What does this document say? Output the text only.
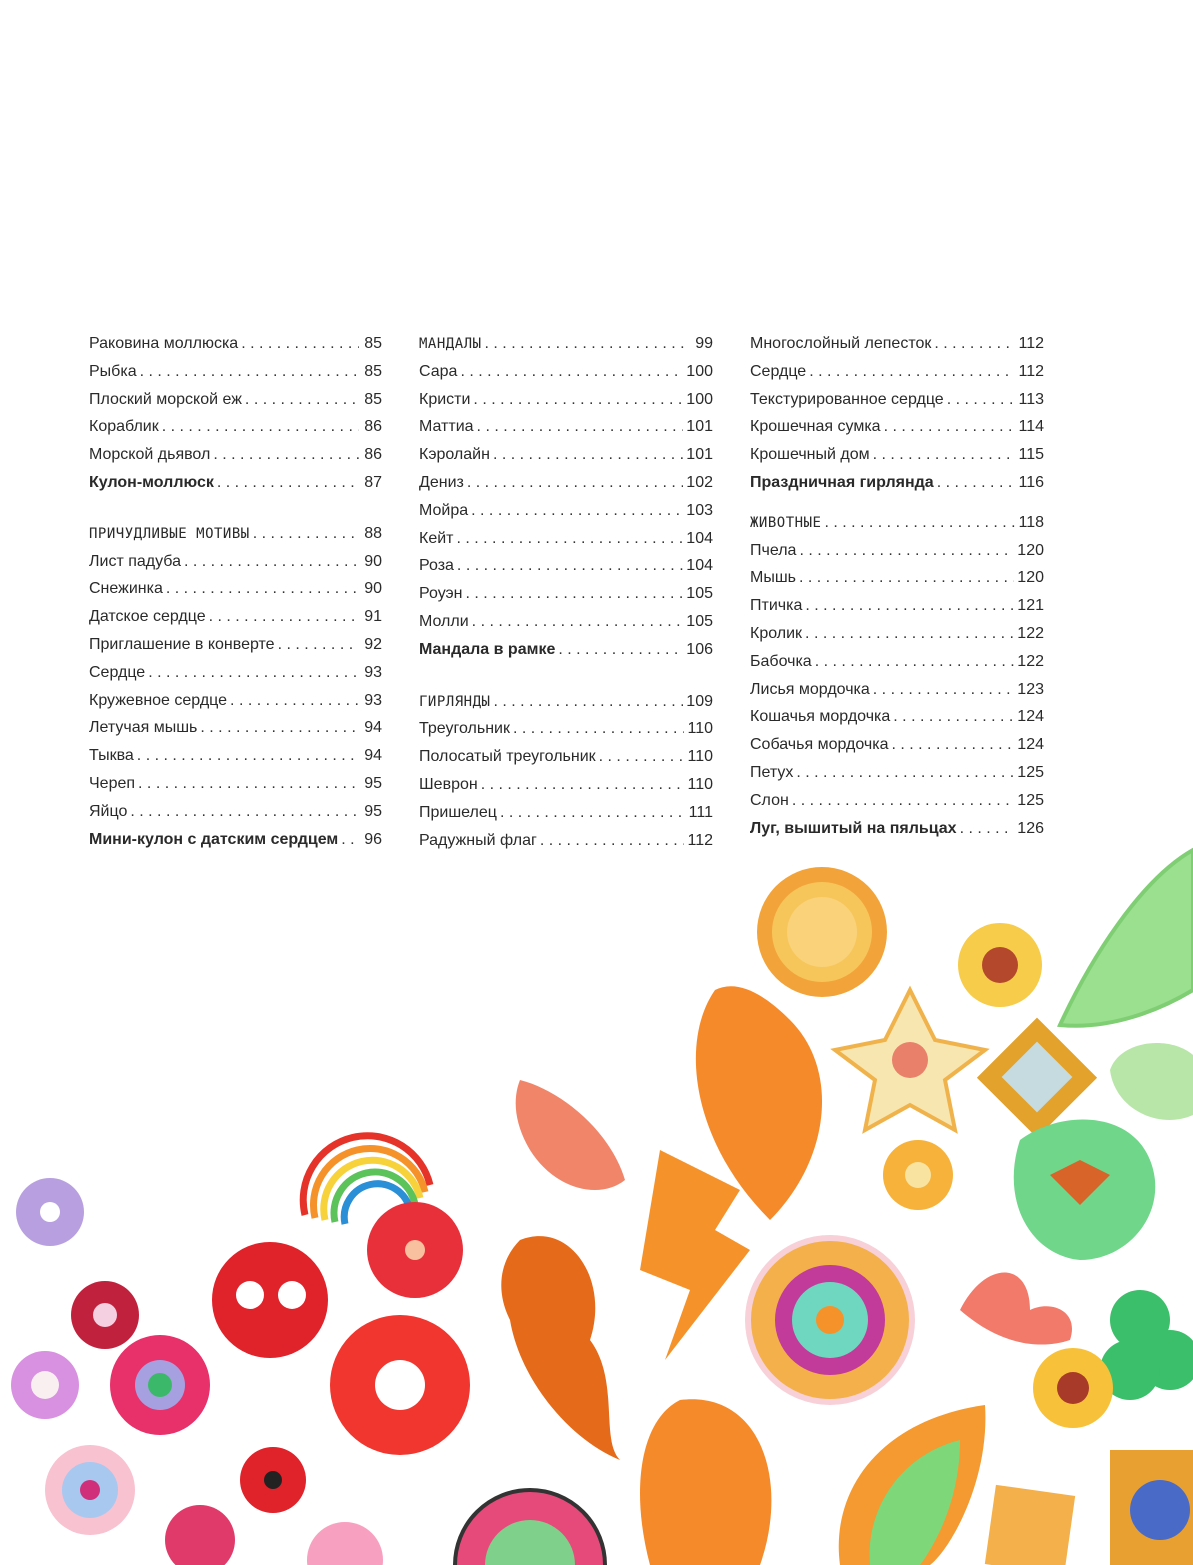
Раковина моллюска . . .	85
Рыбка . . .	85
Плоский морской еж . . .	85
Кораблик . . .	86
Морской дьявол . . .	86
Кулон-моллюск . . .	87
ПРИЧУДЛИВЫЕ МОТИВЫ . . .	88
Лист падуба . . .	90
Снежинка . . .	90
Датское сердце . . .	91
Приглашение в конверте . . .	92
Сердце . . .	93
Кружевное сердце . . .	93
Летучая мышь . . .	94
Тыква . . .	94
Череп . . .	95
Яйцо . . .	95
Мини-кулон с датским сердцем . . . 96
МАНДАЛЫ . . .	99
Сара . . .	100
Кристи . . .	100
Маттиа . . .	101
Кэролайн . . .	101
Дениз . . .	102
Мойра . . .	103
Кейт . . .	104
Роза . . .	104
Роуэн . . .	105
Молли . . .	105
Мандала в рамке . . .	106
ГИРЛЯНДЫ . . .	109
Треугольник . . .	110
Полосатый треугольник . . .	110
Шеврон . . .	110
Пришелец . . .	111
Радужный флаг . . .	112
Многослойный лепесток . . .	112
Сердце . . .	112
Текстурированное сердце . . .	113
Крошечная сумка . . .	114
Крошечный дом . . .	115
Праздничная гирлянда . . .	116
ЖИВОТНЫЕ . . .	118
Пчела . . .	120
Мышь . . .	120
Птичка . . .	121
Кролик . . .	122
Бабочка . . .	122
Лисья мордочка . . .	123
Кошачья мордочка . . .	124
Собачья мордочка . . .	124
Петух . . .	125
Слон . . .	125
Луг, вышитый на пяльцах . . .	126
